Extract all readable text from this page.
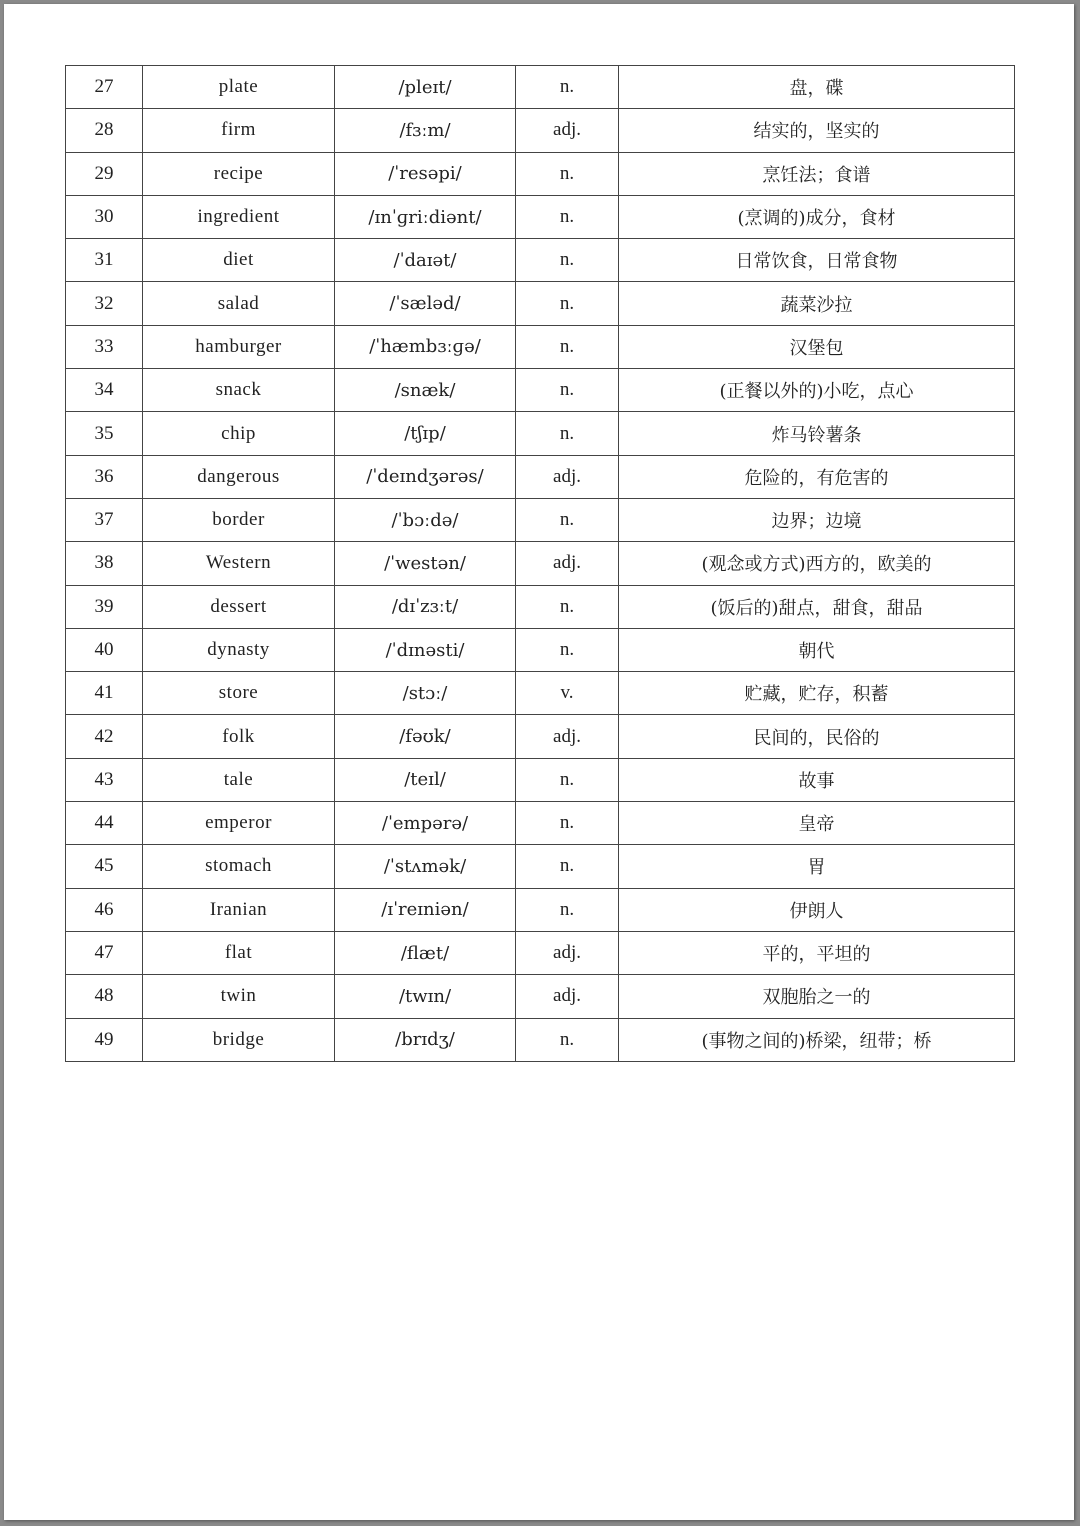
27	plate	/pleɪt/	n.	盘，碟
28	firm	/fɜːm/	adj.	结实的，坚实的
29	recipe	/ˈresəpi/	n.	烹饪法；食谱
30	ingredient	/ɪnˈɡriːdiənt/	n.	(烹调的)成分，食材
31	diet	/ˈdaɪət/	n.	日常饮食，日常食物
32	salad	/ˈsæləd/	n.	蔬菜沙拉
33	hamburger	/ˈhæmbɜːɡə/	n.	汉堡包
34	snack	/snæk/	n.	(正餐以外的)小吃，点心
35	chip	/tʃɪp/	n.	炸马铃薯条
36	dangerous	/ˈdeɪndʒərəs/	adj.	危险的，有危害的
37	border	/ˈbɔːdə/	n.	边界；边境
38	Western	/ˈwestən/	adj.	(观念或方式)西方的，欧美的
39	dessert	/dɪˈzɜːt/	n.	(饭后的)甜点，甜食，甜品
40	dynasty	/ˈdɪnəsti/	n.	朝代
41	store	/stɔː/	v.	贮藏，贮存，积蓄
42	folk	/fəʊk/	adj.	民间的，民俗的
43	tale	/teɪl/	n.	故事
44	emperor	/ˈempərə/	n.	皇帝
45	stomach	/ˈstʌmək/	n.	胃
46	Iranian	/ɪˈreɪniən/	n.	伊朗人
47	flat	/flæt/	adj.	平的，平坦的
48	twin	/twɪn/	adj.	双胞胎之一的
49	bridge	/brɪdʒ/	n.	(事物之间的)桥梁，纽带；桥
